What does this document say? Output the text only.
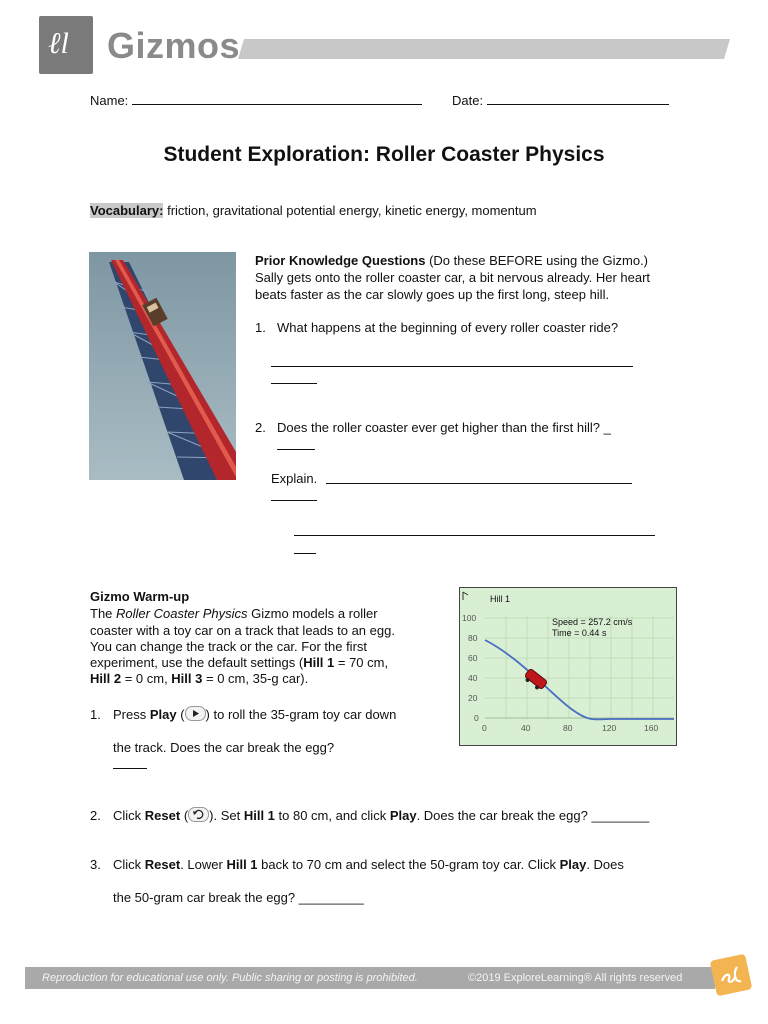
ℓl Gizmos
Name:	Date:
Student Exploration: Roller Coaster Physics
Vocabulary: friction, gravitational potential energy, kinetic energy, momentum
Prior Knowledge Questions (Do these BEFORE using the Gizmo.)
Sally gets onto the roller coaster car, a bit nervous already. Her heart
beats faster as the car slowly goes up the first long, steep hill.
1. What happens at the beginning of every roller coaster ride?
2. Does the roller coaster ever get higher than the first hill? _
Explain.
Gizmo Warm-up
The Roller Coaster Physics Gizmo models a roller
coaster with a toy car on a track that leads to an egg.
You can change the track or the car. For the first
experiment, use the default settings (Hill 1 = 70 cm,
Hill 2 = 0 cm, Hill 3 = 0 cm, 35-g car).
1. Press Play ( ) to roll the 35-gram toy car down
the track. Does the car break the egg?
2. Click Reset ( ). Set Hill 1 to 80 cm, and click Play. Does the car break the egg? ________
3. Click Reset. Lower Hill 1 back to 70 cm and select the 50-gram toy car. Click Play. Does
the 50-gram car break the egg? _________
Hill 1
Speed = 257.2 cm/s
Time = 0.44 s
100
80
60
40
20
0
0	40	80	120	160
Reproduction for educational use only. Public sharing or posting is prohibited.	©2019 ExploreLearning® All rights reserved
